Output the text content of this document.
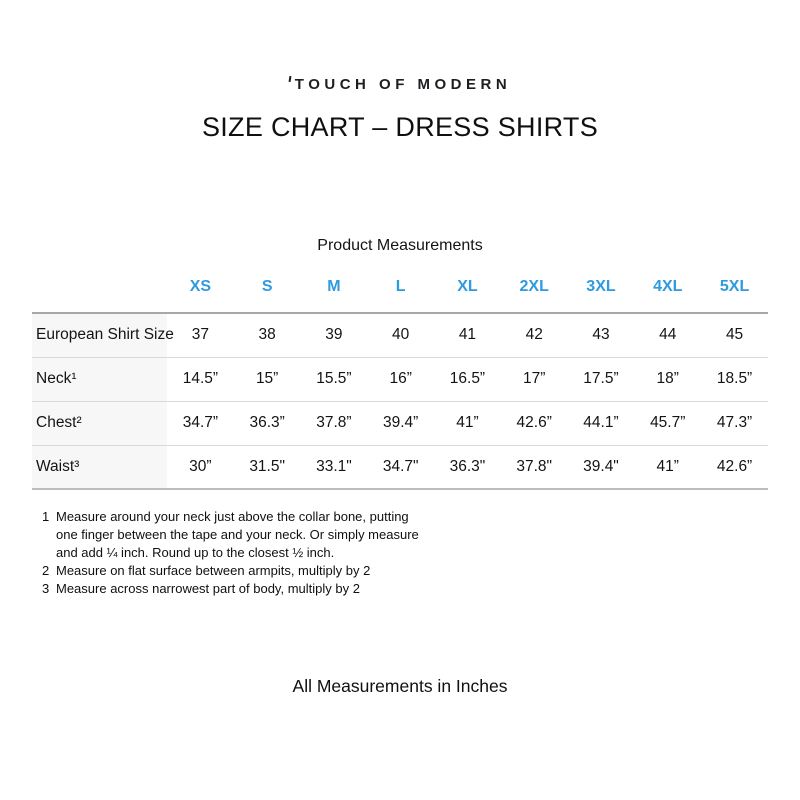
TOUCH OF MODERN
SIZE CHART – DRESS SHIRTS
Product Measurements
	XS	S	M	L	XL	2XL	3XL	4XL	5XL
European Shirt Size	37	38	39	40	41	42	43	44	45
Neck¹	14.5”	15”	15.5”	16”	16.5”	17”	17.5”	18”	18.5”
Chest²	34.7”	36.3”	37.8”	39.4”	41”	42.6”	44.1”	45.7”	47.3”
Waist³	30”	31.5"	33.1"	34.7"	36.3"	37.8"	39.4"	41”	42.6”
1 Measure around your neck just above the collar bone, putting one finger between the tape and your neck. Or simply measure and add ¼ inch. Round up to the closest ½ inch.
2 Measure on flat surface between armpits, multiply by 2
3 Measure across narrowest part of body, multiply by 2
All Measurements in Inches
